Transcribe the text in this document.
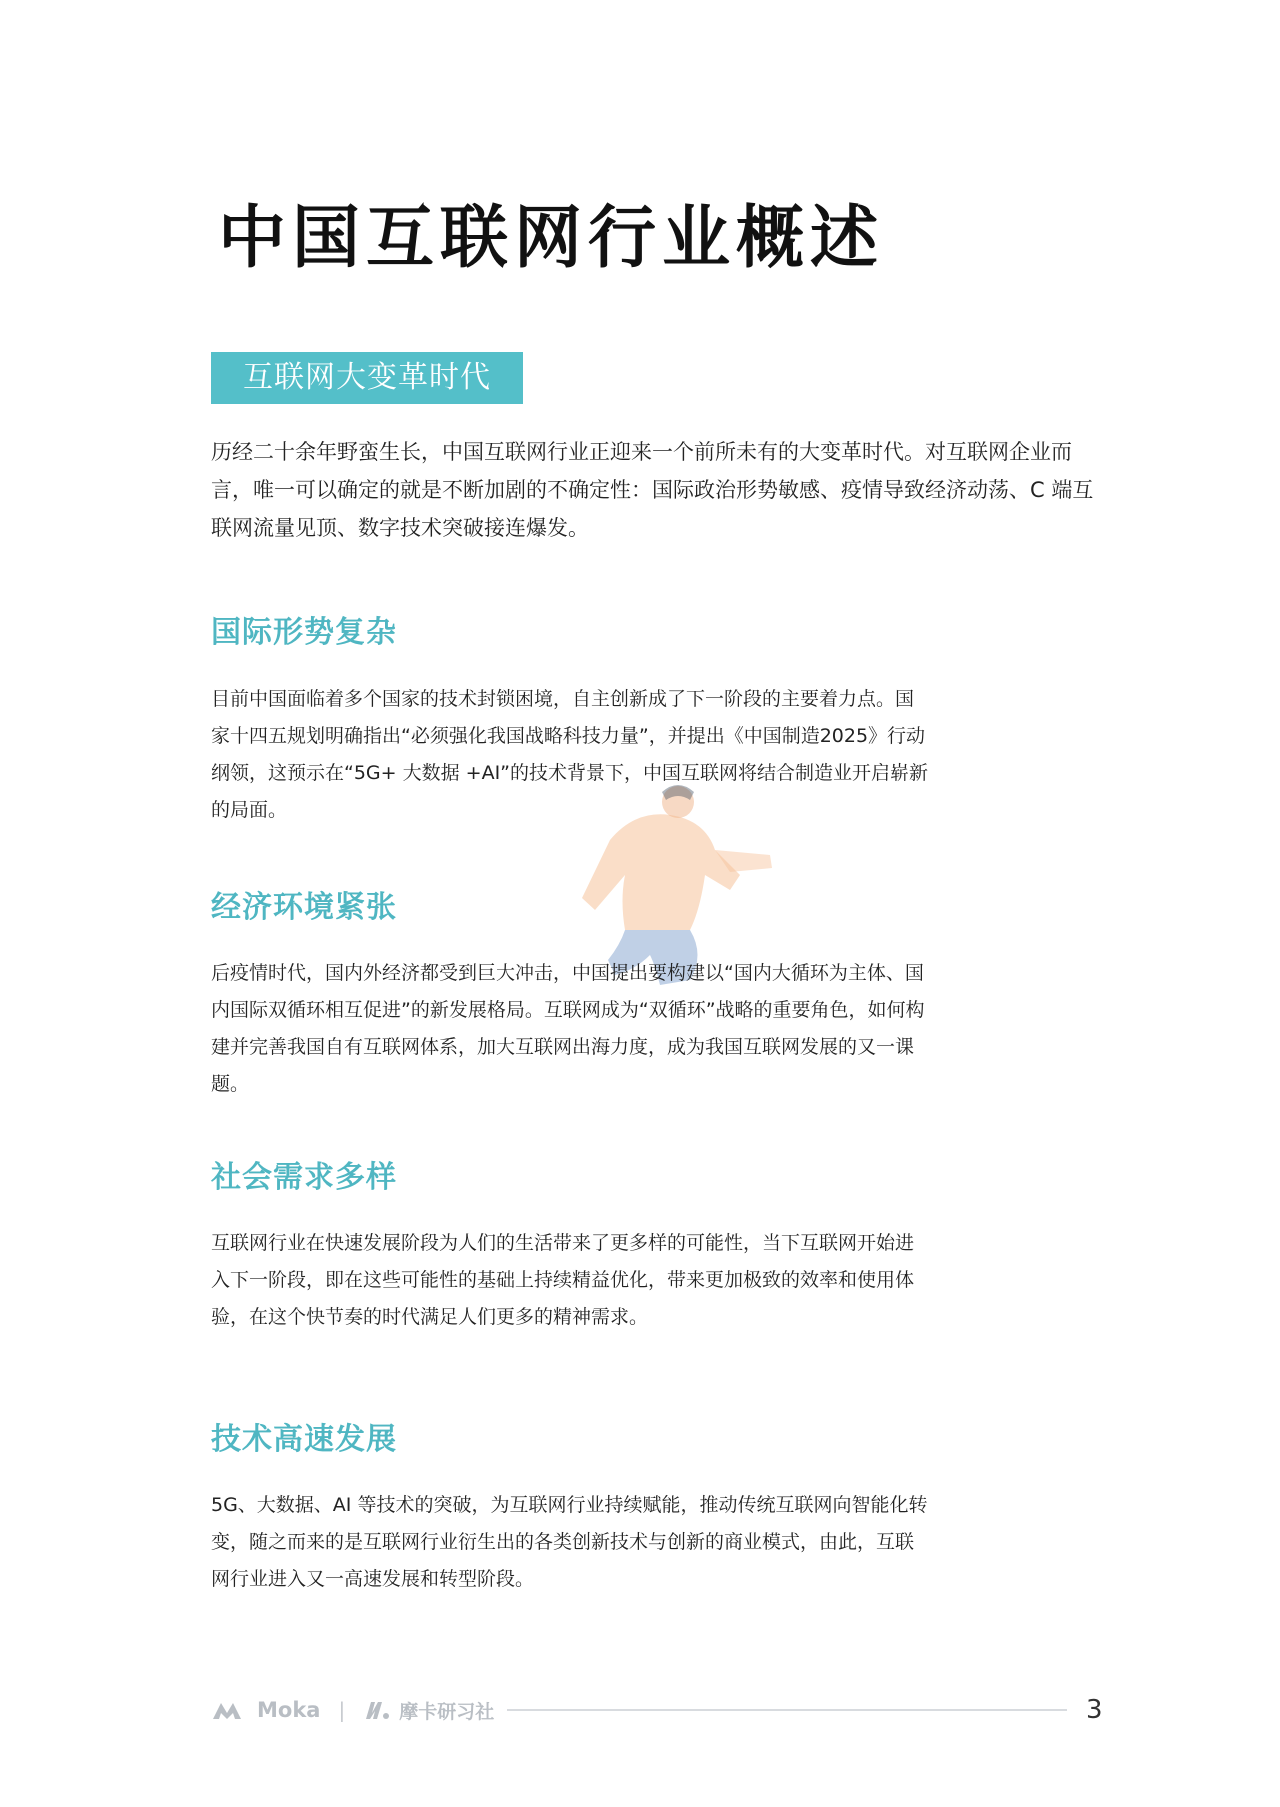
中国互联网行业概述
互联网大变革时代
历经二十余年野蛮生长，中国互联网行业正迎来一个前所未有的大变革时代。对互联网企业而言，唯一可以确定的就是不断加剧的不确定性：国际政治形势敏感、疫情导致经济动荡、C 端互联网流量见顶、数字技术突破接连爆发。
国际形势复杂
目前中国面临着多个国家的技术封锁困境，自主创新成了下一阶段的主要着力点。国家十四五规划明确指出“必须强化我国战略科技力量”，并提出《中国制造2025》行动纲领，这预示在“5G+ 大数据 +AI”的技术背景下，中国互联网将结合制造业开启崭新的局面。
经济环境紧张
后疫情时代，国内外经济都受到巨大冲击，中国提出要构建以“国内大循环为主体、国内国际双循环相互促进”的新发展格局。互联网成为“双循环”战略的重要角色，如何构建并完善我国自有互联网体系，加大互联网出海力度，成为我国互联网发展的又一课题。
社会需求多样
互联网行业在快速发展阶段为人们的生活带来了更多样的可能性，当下互联网开始进入下一阶段，即在这些可能性的基础上持续精益优化，带来更加极致的效率和使用体验，在这个快节奏的时代满足人们更多的精神需求。
技术高速发展
5G、大数据、AI 等技术的突破，为互联网行业持续赋能，推动传统互联网向智能化转变，随之而来的是互联网行业衍生出的各类创新技术与创新的商业模式，由此，互联网行业进入又一高速发展和转型阶段。
Moka |	摩卡研习社	3
